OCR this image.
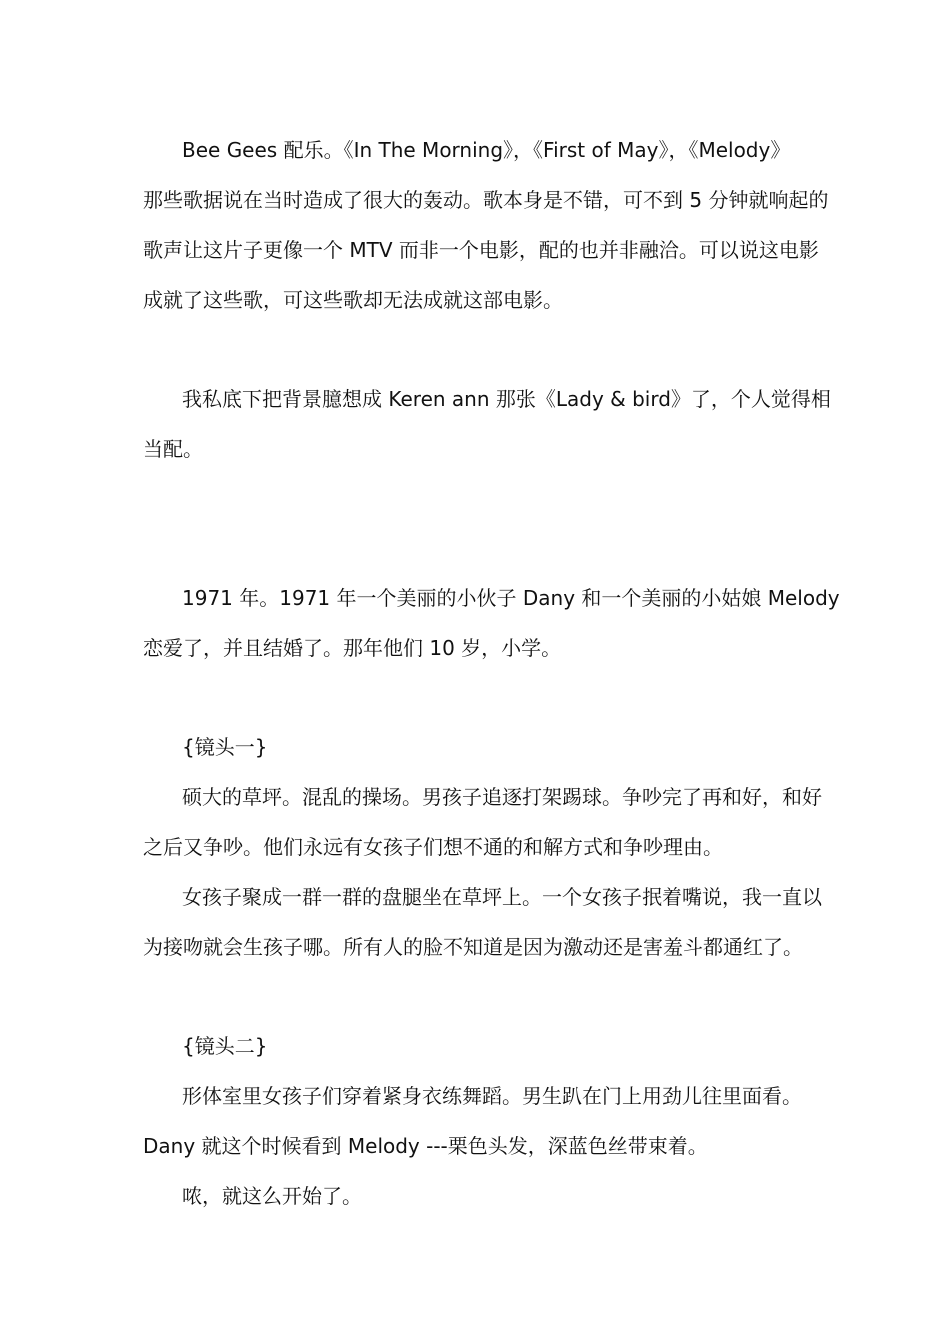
Bee Gees 配乐。《In The Morning》，《First of May》，《Melody》
那些歌据说在当时造成了很大的轰动。歌本身是不错，可不到 5 分钟就响起的
歌声让这片子更像一个 MTV 而非一个电影，配的也并非融洽。可以说这电影
成就了这些歌，可这些歌却无法成就这部电影。
我私底下把背景臆想成 Keren ann 那张《Lady & bird》了，个人觉得相
当配。
1971 年。1971 年一个美丽的小伙子 Dany 和一个美丽的小姑娘 Melody
恋爱了，并且结婚了。那年他们 10 岁，小学。
{镜头一}
硕大的草坪。混乱的操场。男孩子追逐打架踢球。争吵完了再和好，和好
之后又争吵。他们永远有女孩子们想不通的和解方式和争吵理由。
女孩子聚成一群一群的盘腿坐在草坪上。一个女孩子抿着嘴说，我一直以
为接吻就会生孩子哪。所有人的脸不知道是因为激动还是害羞斗都通红了。
{镜头二}
形体室里女孩子们穿着紧身衣练舞蹈。男生趴在门上用劲儿往里面看。
Dany 就这个时候看到 Melody ---栗色头发，深蓝色丝带束着。
哝，就这么开始了。
